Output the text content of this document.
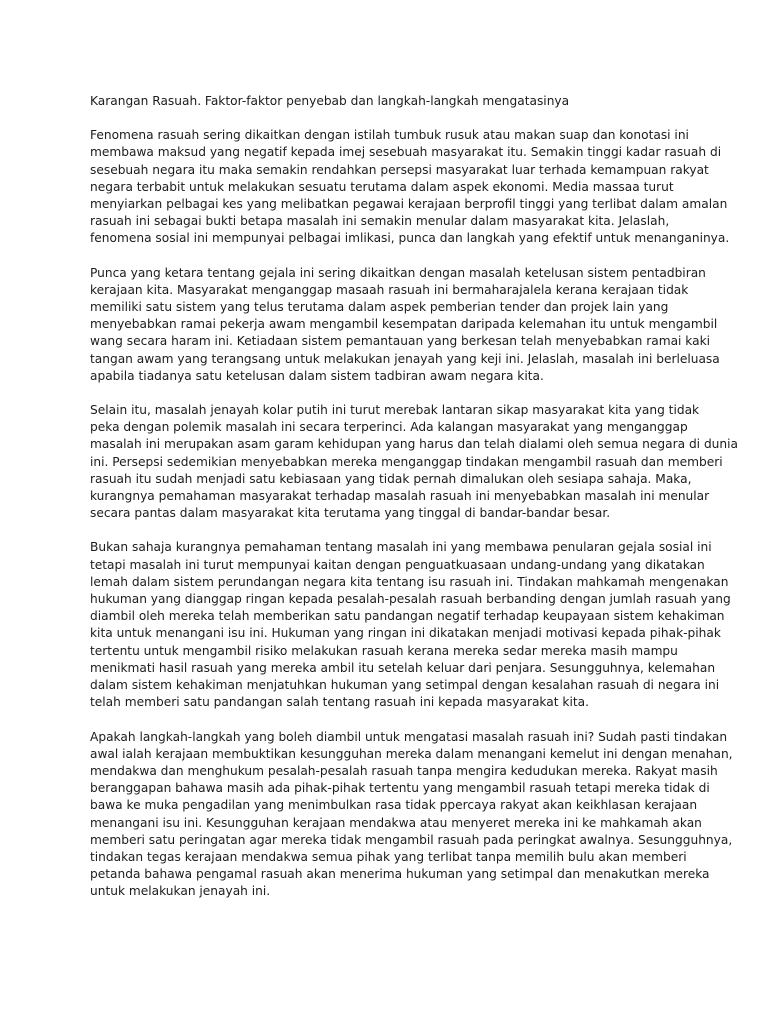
Karangan Rasuah. Faktor-faktor penyebab dan langkah-langkah mengatasinya
Fenomena rasuah sering dikaitkan dengan istilah tumbuk rusuk atau makan suap dan konotasi ini
membawa maksud yang negatif kepada imej sesebuah masyarakat itu. Semakin tinggi kadar rasuah di
sesebuah negara itu maka semakin rendahkan persepsi masyarakat luar terhada kemampuan rakyat
negara terbabit untuk melakukan sesuatu terutama dalam aspek ekonomi. Media massaa turut
menyiarkan pelbagai kes yang melibatkan pegawai kerajaan berprofil tinggi yang terlibat dalam amalan
rasuah ini sebagai bukti betapa masalah ini semakin menular dalam masyarakat kita. Jelaslah,
fenomena sosial ini mempunyai pelbagai imlikasi, punca dan langkah yang efektif untuk menanganinya.
Punca yang ketara tentang gejala ini sering dikaitkan dengan masalah ketelusan sistem pentadbiran
kerajaan kita. Masyarakat menganggap masaah rasuah ini bermaharajalela kerana kerajaan tidak
memiliki satu sistem yang telus terutama dalam aspek pemberian tender dan projek lain yang
menyebabkan ramai pekerja awam mengambil kesempatan daripada kelemahan itu untuk mengambil
wang secara haram ini. Ketiadaan sistem pemantauan yang berkesan telah menyebabkan ramai kaki
tangan awam yang terangsang untuk melakukan jenayah yang keji ini. Jelaslah, masalah ini berleluasa
apabila tiadanya satu ketelusan dalam sistem tadbiran awam negara kita.
Selain itu, masalah jenayah kolar putih ini turut merebak lantaran sikap masyarakat kita yang tidak
peka dengan polemik masalah ini secara terperinci. Ada kalangan masyarakat yang menganggap
masalah ini merupakan asam garam kehidupan yang harus dan telah dialami oleh semua negara di dunia
ini. Persepsi sedemikian menyebabkan mereka menganggap tindakan mengambil rasuah dan memberi
rasuah itu sudah menjadi satu kebiasaan yang tidak pernah dimalukan oleh sesiapa sahaja. Maka,
kurangnya pemahaman masyarakat terhadap masalah rasuah ini menyebabkan masalah ini menular
secara pantas dalam masyarakat kita terutama yang tinggal di bandar-bandar besar.
Bukan sahaja kurangnya pemahaman tentang masalah ini yang membawa penularan gejala sosial ini
tetapi masalah ini turut mempunyai kaitan dengan penguatkuasaan undang-undang yang dikatakan
lemah dalam sistem perundangan negara kita tentang isu rasuah ini. Tindakan mahkamah mengenakan
hukuman yang dianggap ringan kepada pesalah-pesalah rasuah berbanding dengan jumlah rasuah yang
diambil oleh mereka telah memberikan satu pandangan negatif terhadap keupayaan sistem kehakiman
kita untuk menangani isu ini. Hukuman yang ringan ini dikatakan menjadi motivasi kepada pihak-pihak
tertentu untuk mengambil risiko melakukan rasuah kerana mereka sedar mereka masih mampu
menikmati hasil rasuah yang mereka ambil itu setelah keluar dari penjara. Sesungguhnya, kelemahan
dalam sistem kehakiman menjatuhkan hukuman yang setimpal dengan kesalahan rasuah di negara ini
telah memberi satu pandangan salah tentang rasuah ini kepada masyarakat kita.
Apakah langkah-langkah yang boleh diambil untuk mengatasi masalah rasuah ini? Sudah pasti tindakan
awal ialah kerajaan membuktikan kesungguhan mereka dalam menangani kemelut ini dengan menahan,
mendakwa dan menghukum pesalah-pesalah rasuah tanpa mengira kedudukan mereka. Rakyat masih
beranggapan bahawa masih ada pihak-pihak tertentu yang mengambil rasuah tetapi mereka tidak di
bawa ke muka pengadilan yang menimbulkan rasa tidak ppercaya rakyat akan keikhlasan kerajaan
menangani isu ini. Kesungguhan kerajaan mendakwa atau menyeret mereka ini ke mahkamah akan
memberi satu peringatan agar mereka tidak mengambil rasuah pada peringkat awalnya. Sesungguhnya,
tindakan tegas kerajaan mendakwa semua pihak yang terlibat tanpa memilih bulu akan memberi
petanda bahawa pengamal rasuah akan menerima hukuman yang setimpal dan menakutkan mereka
untuk melakukan jenayah ini.
